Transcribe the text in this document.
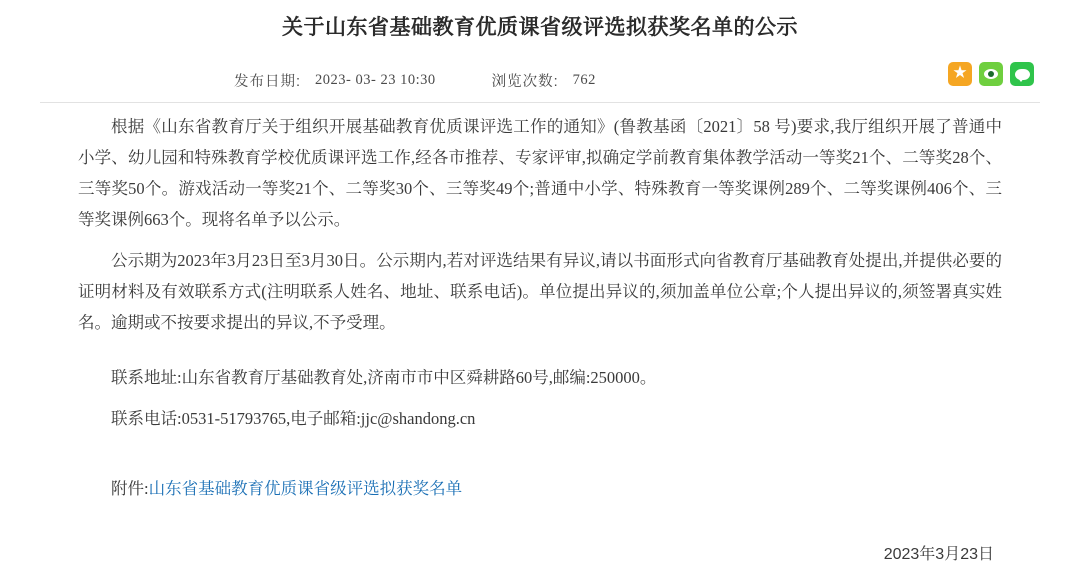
关于山东省基础教育优质课省级评选拟获奖名单的公示
发布日期: 2023- 03- 23 10:30	浏览次数: 762	★

根据《山东省教育厅关于组织开展基础教育优质课评选工作的通知》(鲁教基函〔2021〕58 号)要求,我厅组织开展了普通中小学、幼儿园和特殊教育学校优质课评选工作,经各市推荐、专家评审,拟确定学前教育集体教学活动一等奖21个、二等奖28个、三等奖50个。游戏活动一等奖21个、二等奖30个、三等奖49个;普通中小学、特殊教育一等奖课例289个、二等奖课例406个、三等奖课例663个。现将名单予以公示。

公示期为2023年3月23日至3月30日。公示期内,若对评选结果有异议,请以书面形式向省教育厅基础教育处提出,并提供必要的证明材料及有效联系方式(注明联系人姓名、地址、联系电话)。单位提出异议的,须加盖单位公章;个人提出异议的,须签署真实姓名。逾期或不按要求提出的异议,不予受理。

联系地址:山东省教育厅基础教育处,济南市市中区舜耕路60号,邮编:250000。

联系电话:0531-51793765,电子邮箱:jjc@shandong.cn

附件:山东省基础教育优质课省级评选拟获奖名单

2023年3月23日
